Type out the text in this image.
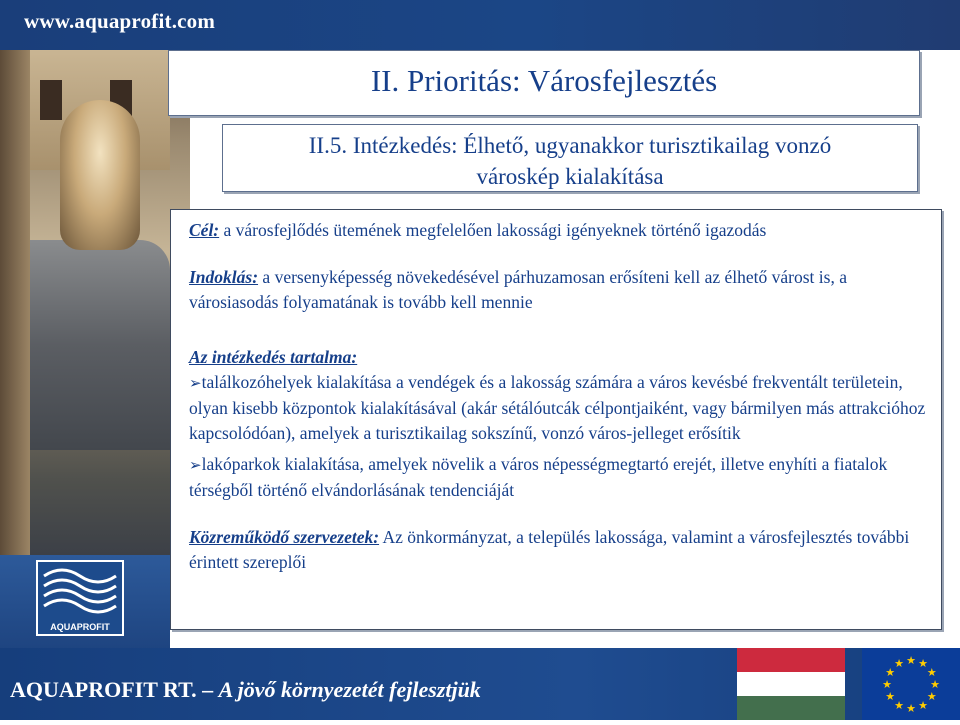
www.aquaprofit.com
II. Prioritás: Városfejlesztés
II.5. Intézkedés: Élhető, ugyanakkor turisztikailag vonzó
városkép kialakítása

Cél: a városfejlődés ütemének megfelelően lakossági igényeknek történő igazodás

Indoklás: a versenyképesség növekedésével párhuzamosan erősíteni kell az élhető várost is, a városiasodás folyamatának is tovább kell mennie

Az intézkedés tartalma:

➢találkozóhelyek kialakítása a vendégek és a lakosság számára a város kevésbé frekventált területein, olyan kisebb központok kialakításával (akár sétálóutcák célpontjaiként, vagy bármilyen más attrakcióhoz kapcsolódóan), amelyek a turisztikailag sokszínű, vonzó város-jelleget erősítik

➢lakóparkok kialakítása, amelyek növelik a város népességmegtartó erejét, illetve enyhíti a fiatalok térségből történő elvándorlásának tendenciáját

Közreműködő szervezetek: Az önkormányzat, a település lakossága, valamint a városfejlesztés további érintett szereplői

AQUAPROFIT
AQUAPROFIT RT. – A jövő környezetét fejlesztjük
★ ★
★
★
★
★
★
★
★
★
★
★
